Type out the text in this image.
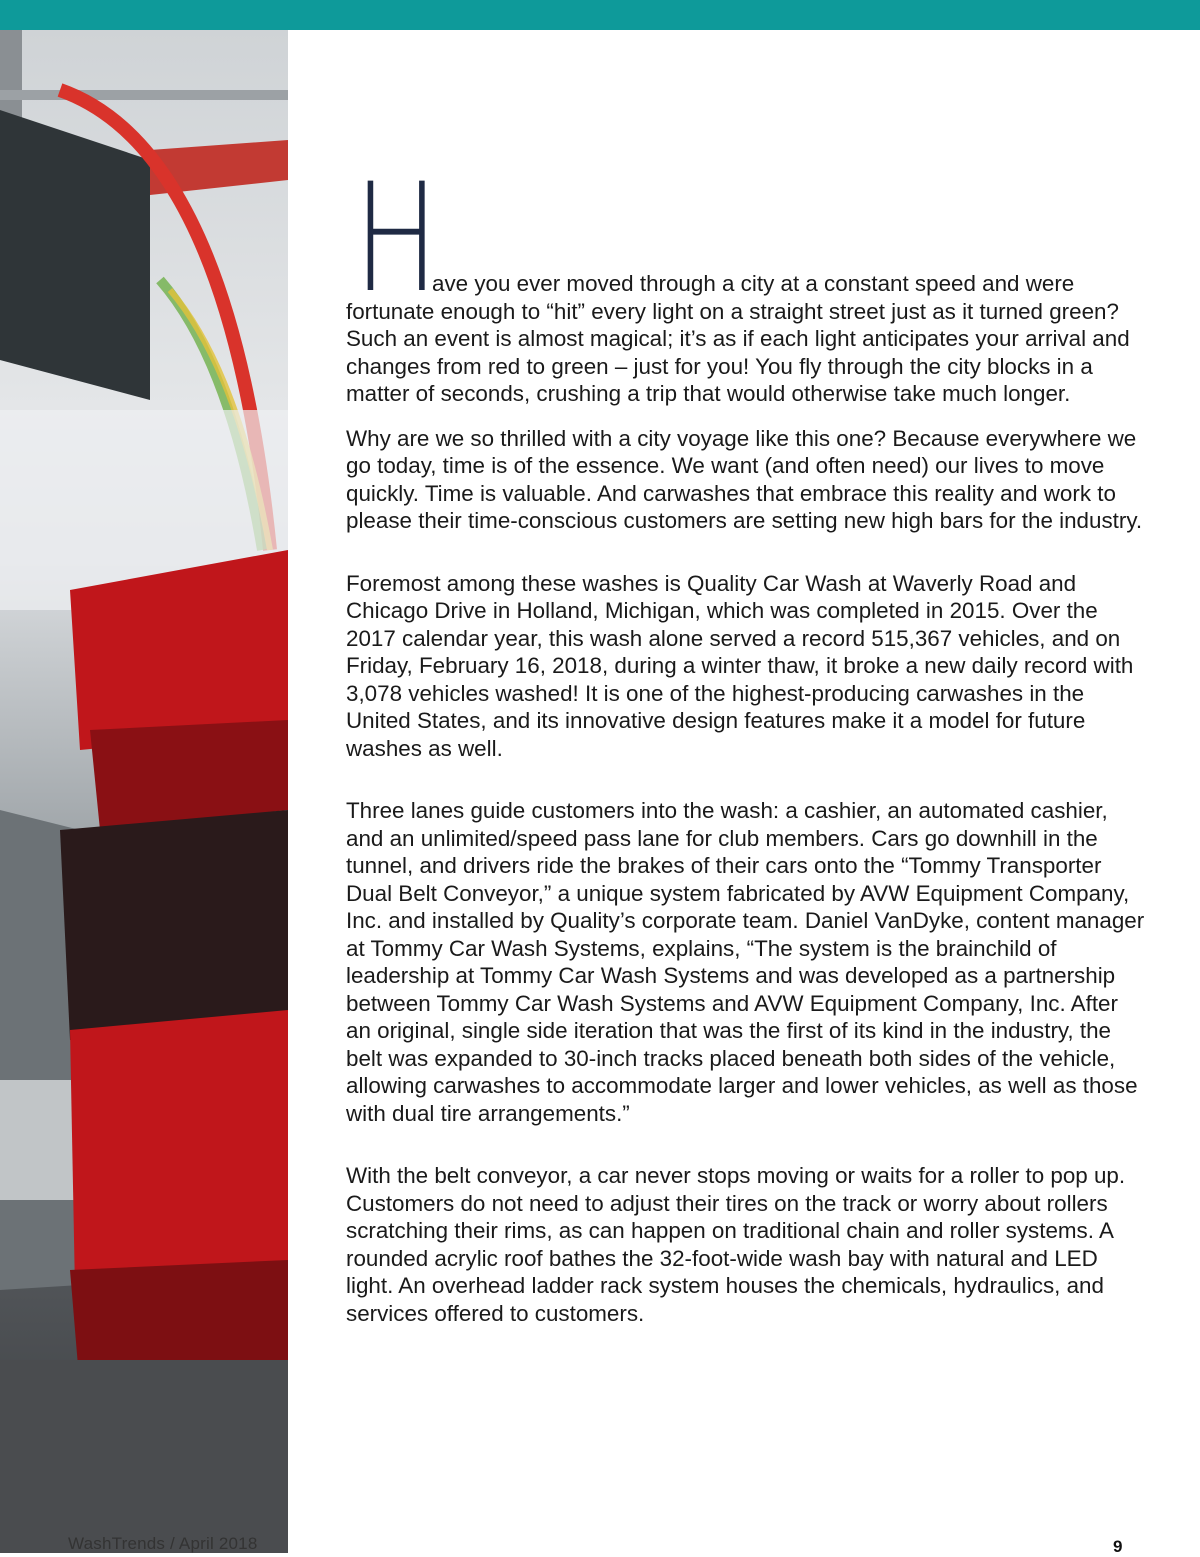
H

ave you ever moved through a city at a constant speed and were fortunate enough to “hit” every light on a straight street just as it turned green? Such an event is almost magical; it’s as if each light anticipates your arrival and changes from red to green – just for you! You fly through the city blocks in a matter of seconds, crushing a trip that would otherwise take much longer.

Why are we so thrilled with a city voyage like this one? Because everywhere we go today, time is of the essence. We want (and often need) our lives to move quickly. Time is valuable. And carwashes that embrace this reality and work to please their time-conscious customers are setting new high bars for the industry.

Foremost among these washes is Quality Car Wash at Waverly Road and Chicago Drive in Holland, Michigan, which was completed in 2015. Over the 2017 calendar year, this wash alone served a record 515,367 vehicles, and on Friday, February 16, 2018, during a winter thaw, it broke a new daily record with 3,078 vehicles washed! It is one of the highest-producing carwashes in the United States, and its innovative design features make it a model for future washes as well.

Three lanes guide customers into the wash: a cashier, an automated cashier, and an unlimited/speed pass lane for club members. Cars go downhill in the tunnel, and drivers ride the brakes of their cars onto the “Tommy Transporter Dual Belt Conveyor,” a unique system fabricated by AVW Equipment Company, Inc. and installed by Quality’s corporate team. Daniel VanDyke, content manager at Tommy Car Wash Systems, explains, “The system is the brainchild of leadership at Tommy Car Wash Systems and was developed as a partnership between Tommy Car Wash Systems and AVW Equipment Company, Inc. After an original, single side iteration that was the first of its kind in the industry, the belt was expanded to 30-inch tracks placed beneath both sides of the vehicle, allowing carwashes to accommodate larger and lower vehicles, as well as those with dual tire arrangements.”

With the belt conveyor, a car never stops moving or waits for a roller to pop up. Customers do not need to adjust their tires on the track or worry about rollers scratching their rims, as can happen on traditional chain and roller systems. A rounded acrylic roof bathes the 32-foot-wide wash bay with natural and LED light. An overhead ladder rack system houses the chemicals, hydraulics, and services offered to customers.

WashTrends / April 2018	9
